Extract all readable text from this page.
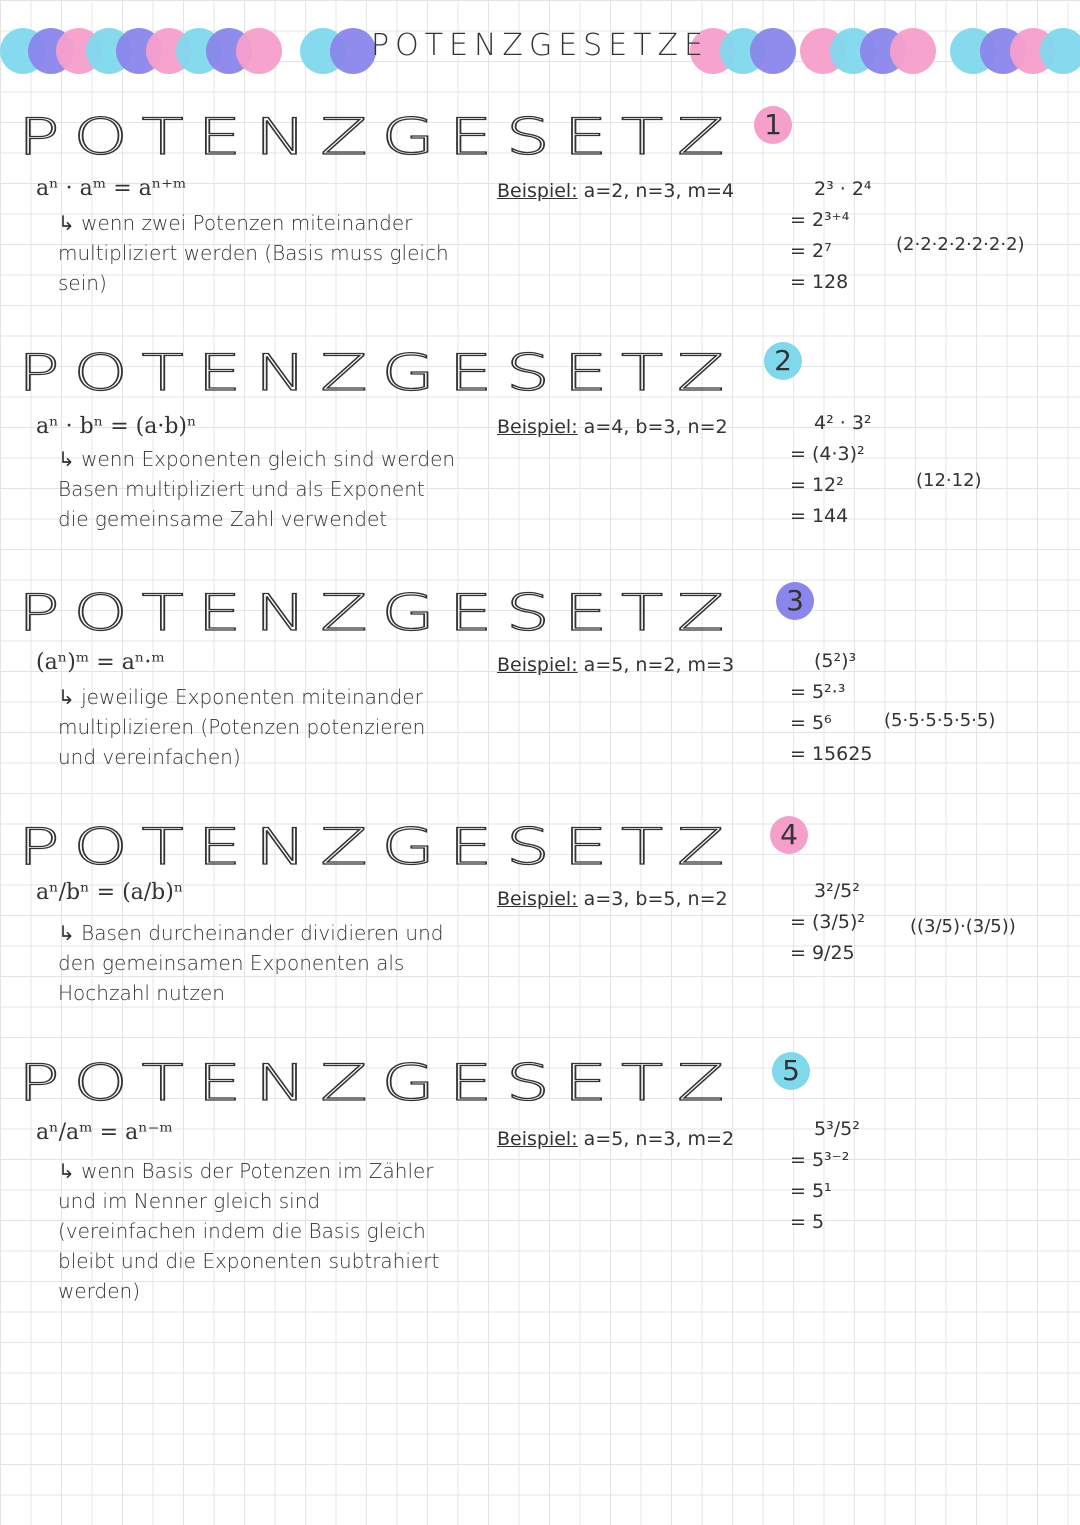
POTENZGESETZE
POTENZGESETZ 1
aⁿ · aᵐ = aⁿ⁺ᵐ
↳ wenn zwei Potenzen miteinander multipliziert werden (Basis muss gleich sein)
Beispiel: a=2, n=3, m=4	2³ · 2⁴
= 2³⁺⁴
= 2⁷
= 128
(2·2·2·2·2·2·2)
POTENZGESETZ	2
aⁿ · bⁿ = (a·b)ⁿ
↳ wenn Exponenten gleich sind werden Basen multipliziert und als Exponent die gemeinsame Zahl verwendet
Beispiel: a=4, b=3, n=2	4² · 3²
= (4·3)²
= 12²
= 144
(12·12)
POTENZGESETZ	3
(aⁿ)ᵐ = aⁿ·ᵐ
↳ jeweilige Exponenten miteinander multiplizieren (Potenzen potenzieren und vereinfachen)
Beispiel: a=5, n=2, m=3	(5²)³
= 5²·³
= 5⁶
= 15625
(5·5·5·5·5·5)
POTENZGESETZ	4
aⁿ/bⁿ = (a/b)ⁿ
↳ Basen durcheinander dividieren und den gemeinsamen Exponenten als Hochzahl nutzen
Beispiel: a=3, b=5, n=2	3²/5²
= (3/5)²
= 9/25
((3/5)·(3/5))
POTENZGESETZ	5
aⁿ/aᵐ = aⁿ⁻ᵐ
↳ wenn Basis der Potenzen im Zähler und im Nenner gleich sind (vereinfachen indem die Basis gleich bleibt und die Exponenten subtrahiert werden)
Beispiel: a=5, n=3, m=2	5³/5²
= 5³⁻²
= 5¹
= 5
